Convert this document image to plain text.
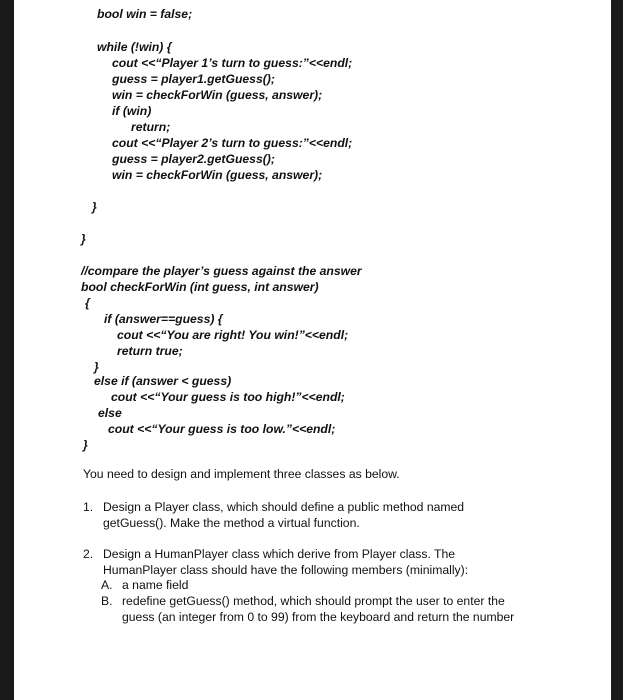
bool win = false;
while (!win) {
cout <<“Player 1’s turn to guess:”<<endl;
guess = player1.getGuess();
win = checkForWin (guess, answer);
if (win)
return;
cout <<“Player 2’s turn to guess:”<<endl;
guess = player2.getGuess();
win = checkForWin (guess, answer);
}
}
//compare the player’s guess against the answer
bool checkForWin (int guess, int answer)
{
if (answer==guess) {
cout <<“You are right! You win!”<<endl;
return true;
}
else if (answer < guess)
cout <<“Your guess is too high!”<<endl;
else
cout <<“Your guess is too low.”<<endl;
}
You need to design and implement three classes as below.
1. Design a Player class, which should define a public method named
getGuess(). Make the method a virtual function.
2. Design a HumanPlayer class which derive from Player class. The
HumanPlayer class should have the following members (minimally):
A. a name field
B. redefine getGuess() method, which should prompt the user to enter the
guess (an integer from 0 to 99) from the keyboard and return the number
